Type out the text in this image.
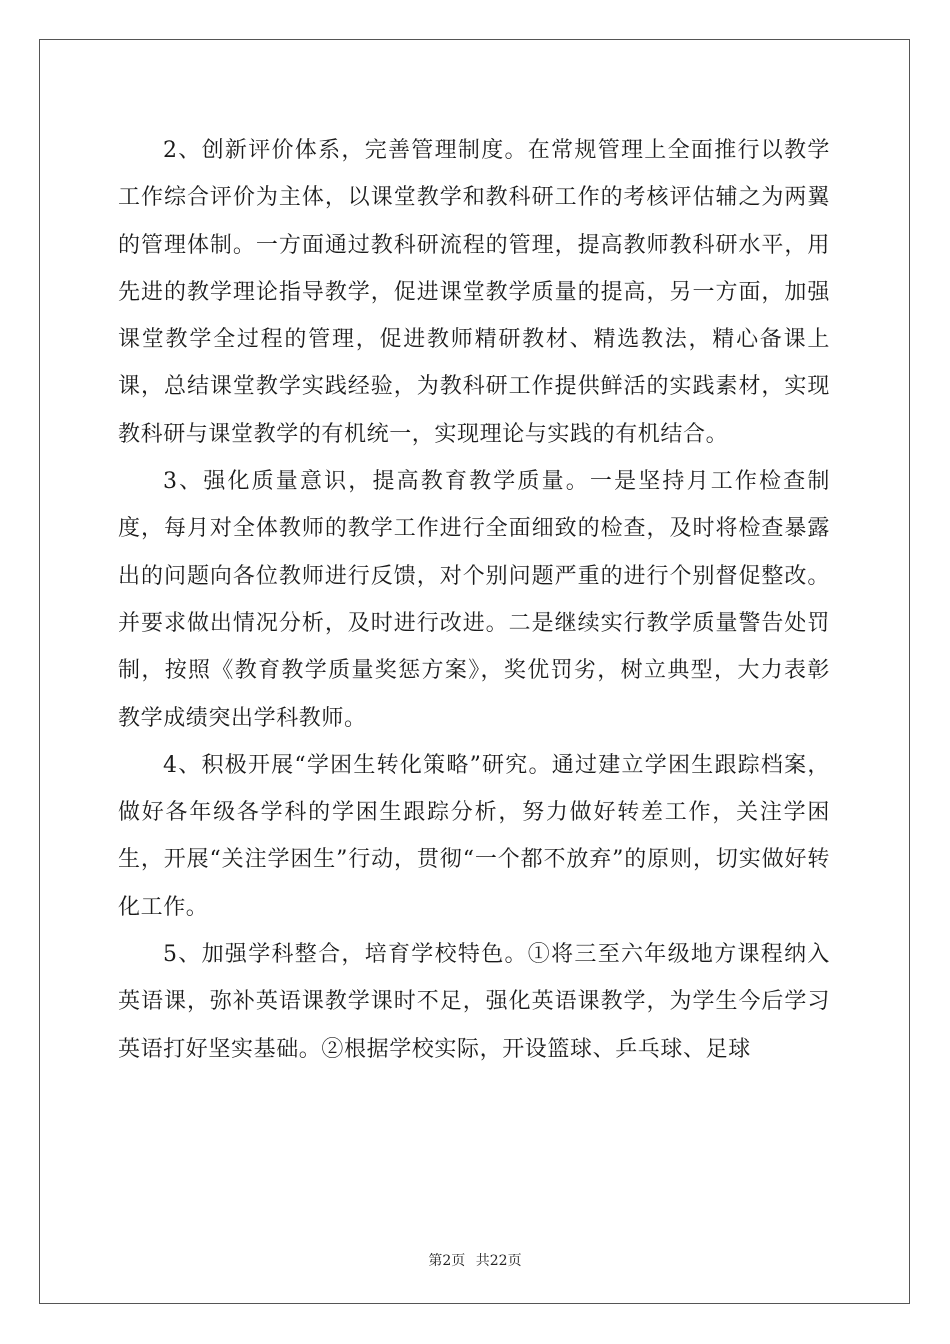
2、创新评价体系，完善管理制度。在常规管理上全面推行以教学工作综合评价为主体，以课堂教学和教科研工作的考核评估辅之为两翼的管理体制。一方面通过教科研流程的管理，提高教师教科研水平，用先进的教学理论指导教学，促进课堂教学质量的提高，另一方面，加强课堂教学全过程的管理，促进教师精研教材、精选教法，精心备课上课，总结课堂教学实践经验，为教科研工作提供鲜活的实践素材，实现教科研与课堂教学的有机统一，实现理论与实践的有机结合。

3、强化质量意识，提高教育教学质量。一是坚持月工作检查制度，每月对全体教师的教学工作进行全面细致的检查，及时将检查暴露出的问题向各位教师进行反馈，对个别问题严重的进行个别督促整改。并要求做出情况分析，及时进行改进。二是继续实行教学质量警告处罚制，按照《教育教学质量奖惩方案》，奖优罚劣，树立典型，大力表彰教学成绩突出学科教师。

4、积极开展“学困生转化策略”研究。通过建立学困生跟踪档案，做好各年级各学科的学困生跟踪分析，努力做好转差工作，关注学困生，开展“关注学困生”行动，贯彻“一个都不放弃”的原则，切实做好转化工作。

5、加强学科整合，培育学校特色。①将三至六年级地方课程纳入英语课，弥补英语课教学课时不足，强化英语课教学，为学生今后学习英语打好坚实基础。②根据学校实际，开设篮球、乒乓球、足球

第2页 共22页
